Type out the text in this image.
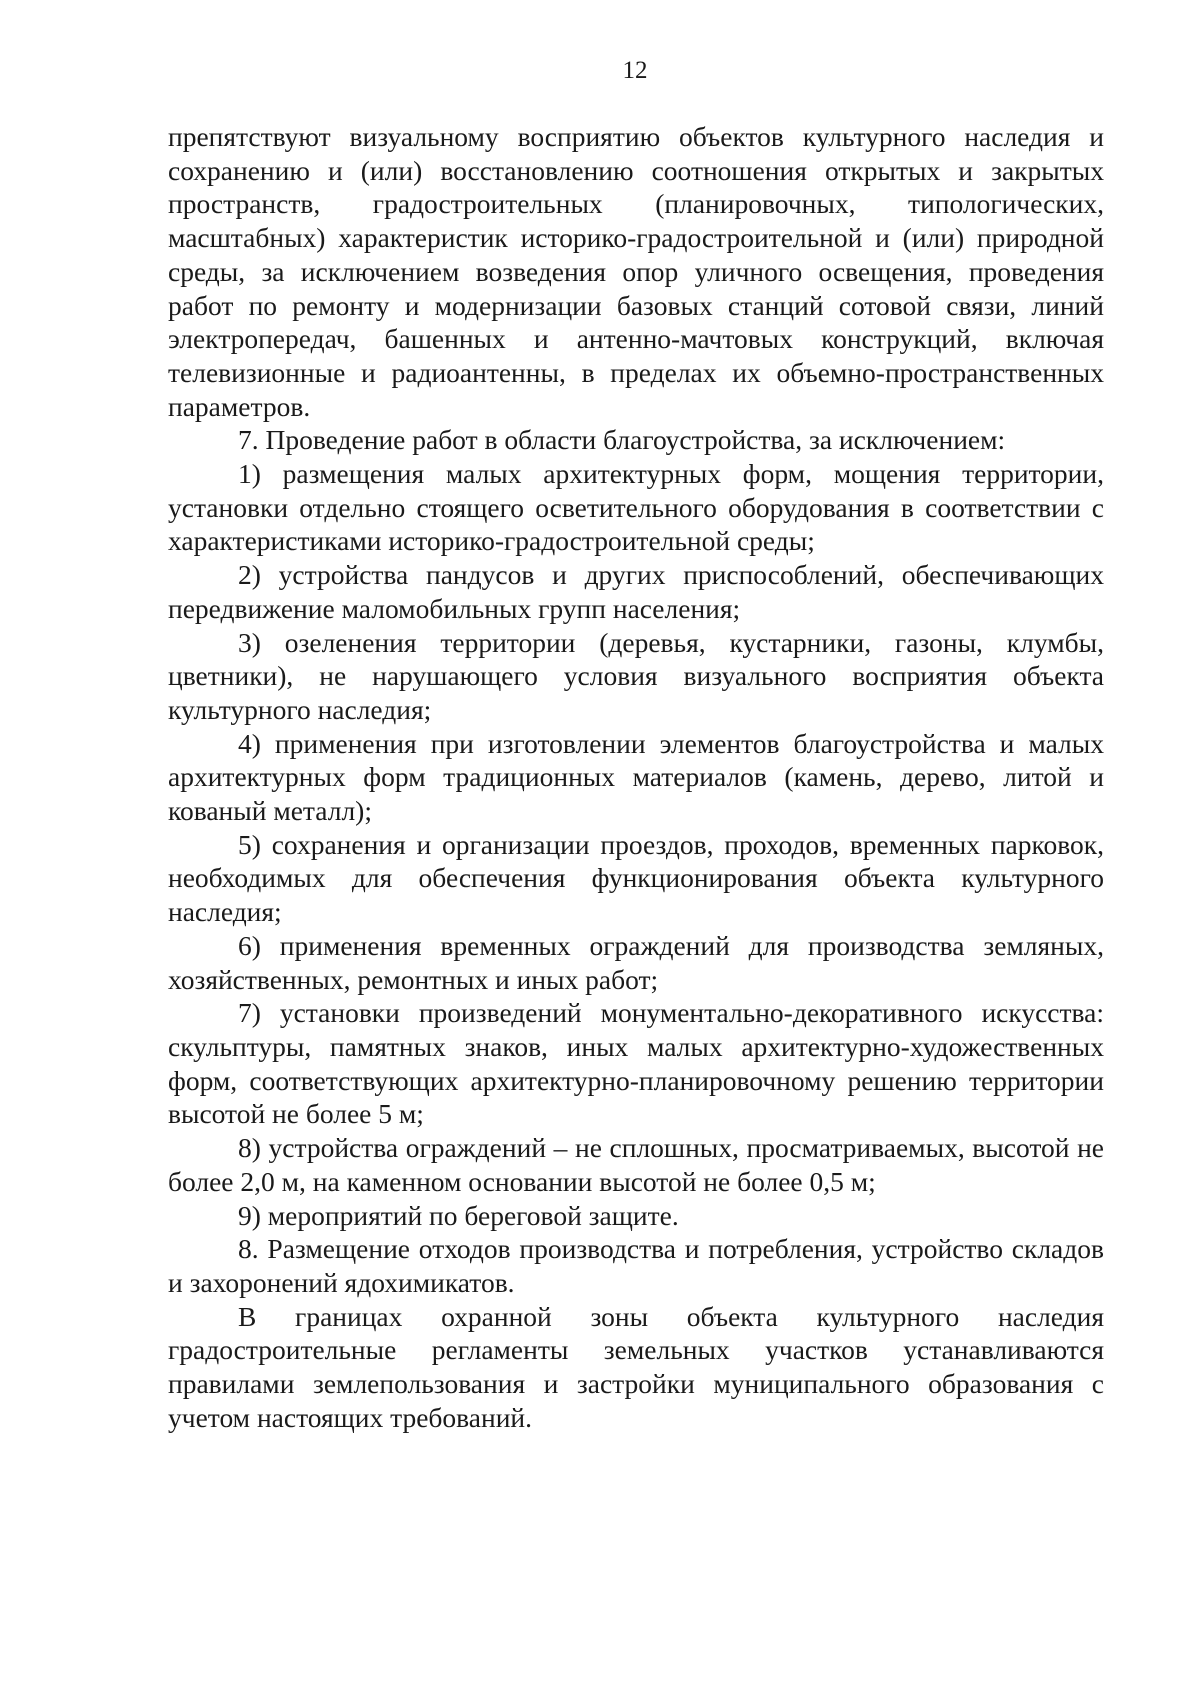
12

препятствуют визуальному восприятию объектов культурного наследия и сохранению и (или) восстановлению соотношения открытых и закрытых пространств, градостроительных (планировочных, типологических, масштабных) характеристик историко-градостроительной и (или) природной среды, за исключением возведения опор уличного освещения, проведения работ по ремонту и модернизации базовых станций сотовой связи, линий электропередач, башенных и антенно-мачтовых конструкций, включая телевизионные и радиоантенны, в пределах их объемно-пространственных параметров.

7. Проведение работ в области благоустройства, за исключением:

1) размещения малых архитектурных форм, мощения территории, установки отдельно стоящего осветительного оборудования в соответствии с характеристиками историко-градостроительной среды;

2) устройства пандусов и других приспособлений, обеспечивающих передвижение маломобильных групп населения;

3) озеленения территории (деревья, кустарники, газоны, клумбы, цветники), не нарушающего условия визуального восприятия объекта культурного наследия;

4) применения при изготовлении элементов благоустройства и малых архитектурных форм традиционных материалов (камень, дерево, литой и кованый металл);

5) сохранения и организации проездов, проходов, временных парковок, необходимых для обеспечения функционирования объекта культурного наследия;

6) применения временных ограждений для производства земляных, хозяйственных, ремонтных и иных работ;

7) установки произведений монументально-декоративного искусства: скульптуры, памятных знаков, иных малых архитектурно-художественных форм, соответствующих архитектурно-планировочному решению территории высотой не более 5 м;

8) устройства ограждений – не сплошных, просматриваемых, высотой не более 2,0 м, на каменном основании высотой не более 0,5 м;

9) мероприятий по береговой защите.

8. Размещение отходов производства и потребления, устройство складов и захоронений ядохимикатов.

В границах охранной зоны объекта культурного наследия градостроительные регламенты земельных участков устанавливаются правилами землепользования и застройки муниципального образования с учетом настоящих требований.
